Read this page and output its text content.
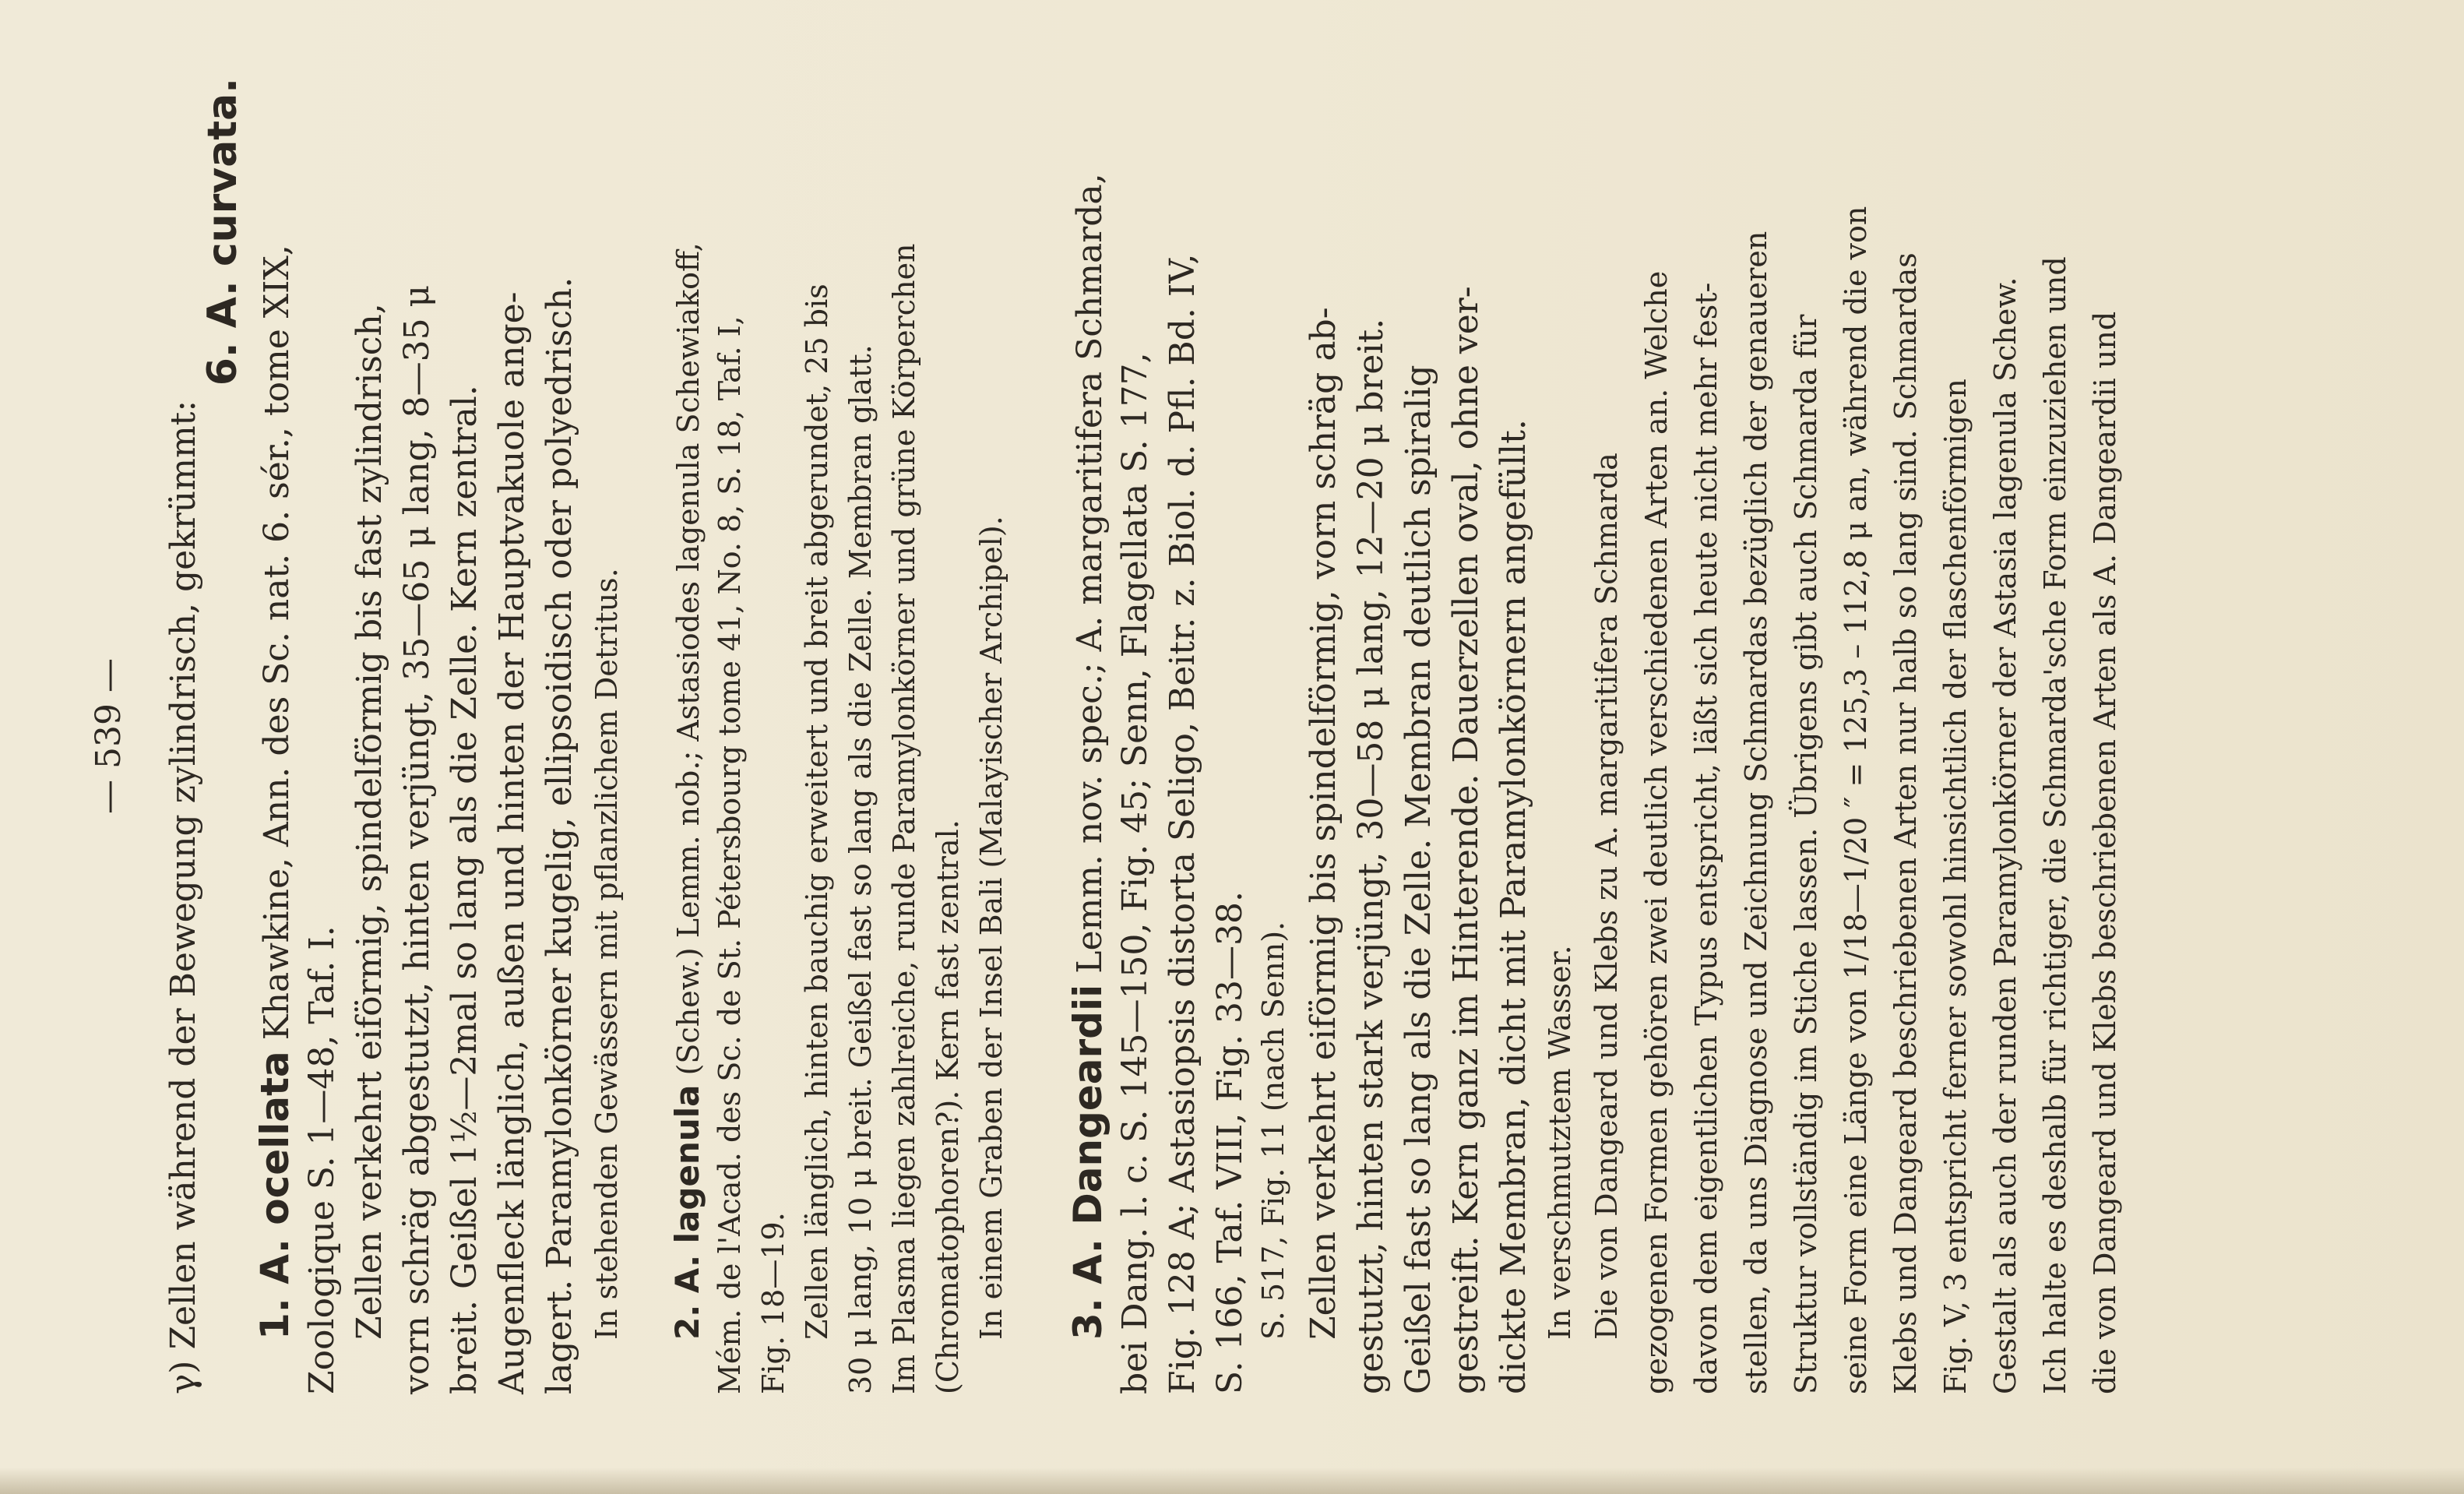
— 539 — γ) Zellen während der Bewegung zylindrisch, gekrümmt:
6. A. curvata.
1. A. ocellata Khawkine, Ann. des Sc. nat. 6. sér., tome XIX,
Zoologique S. 1—48, Taf. I. Zellen verkehrt eiförmig, spindelförmig bis fast zylindrisch, vorn schräg abgestutzt, hinten verjüngt, 35—65 μ lang, 8—35 μ breit. Geißel 1½—2mal so lang als die Zelle. Kern zentral. Augenfleck länglich, außen und hinten der Hauptvakuole ange- lagert. Paramylonkörner kugelig, ellipsoidisch oder polyedrisch. In stehenden Gewässern mit pflanzlichem Detritus. 2. A. lagenula (Schew.) Lemm. nob.; Astasiodes lagenula Schewiakoff, Mém. de l'Acad. des Sc. de St. Pétersbourg tome 41, No. 8, S. 18, Taf. I, Fig. 18—19. Zellen länglich, hinten bauchig erweitert und breit abgerundet, 25 bis 30 μ lang, 10 μ breit. Geißel fast so lang als die Zelle. Membran glatt. Im Plasma liegen zahlreiche, runde Paramylonkörner und grüne Körperchen (Chromatophoren?). Kern fast zentral. In einem Graben der Insel Bali (Malayischer Archipel). 3. A. Dangeardii Lemm. nov. spec.; A. margaritifera Schmarda, bei Dang. l. c. S. 145—150, Fig. 45; Senn, Flagellata S. 177, Fig. 128 A; Astasiopsis distorta Seligo, Beitr. z. Biol. d. Pfl. Bd. IV, S. 166, Taf. VIII, Fig. 33—38. S. 517, Fig. 11 (nach Senn). Zellen verkehrt eiförmig bis spindelförmig, vorn schräg ab- gestutzt, hinten stark verjüngt, 30—58 μ lang, 12—20 μ breit. Geißel fast so lang als die Zelle. Membran deutlich spiralig gestreift. Kern ganz im Hinterende. Dauerzellen oval, ohne ver- dickte Membran, dicht mit Paramylonkörnern angefüllt. In verschmutztem Wasser. Die von Dangeard und Klebs zu A. margaritifera Schmarda gezogenen Formen gehören zwei deutlich verschiedenen Arten an. Welche davon dem eigentlichen Typus entspricht, läßt sich heute nicht mehr fest- stellen, da uns Diagnose und Zeichnung Schmardas bezüglich der genaueren Struktur vollständig im Stiche lassen. Übrigens gibt auch Schmarda für seine Form eine Länge von 1/18—1/20 ″ = 125,3 – 112,8 μ an, während die von Klebs und Dangeard beschriebenen Arten nur halb so lang sind. Schmardas Fig. V, 3 entspricht ferner sowohl hinsichtlich der flaschenförmigen Gestalt als auch der runden Paramylonkörner der Astasia lagenula Schew. Ich halte es deshalb für richtiger, die Schmarda'sche Form einzuziehen und die von Dangeard und Klebs beschriebenen Arten als A. Dangeardii und
